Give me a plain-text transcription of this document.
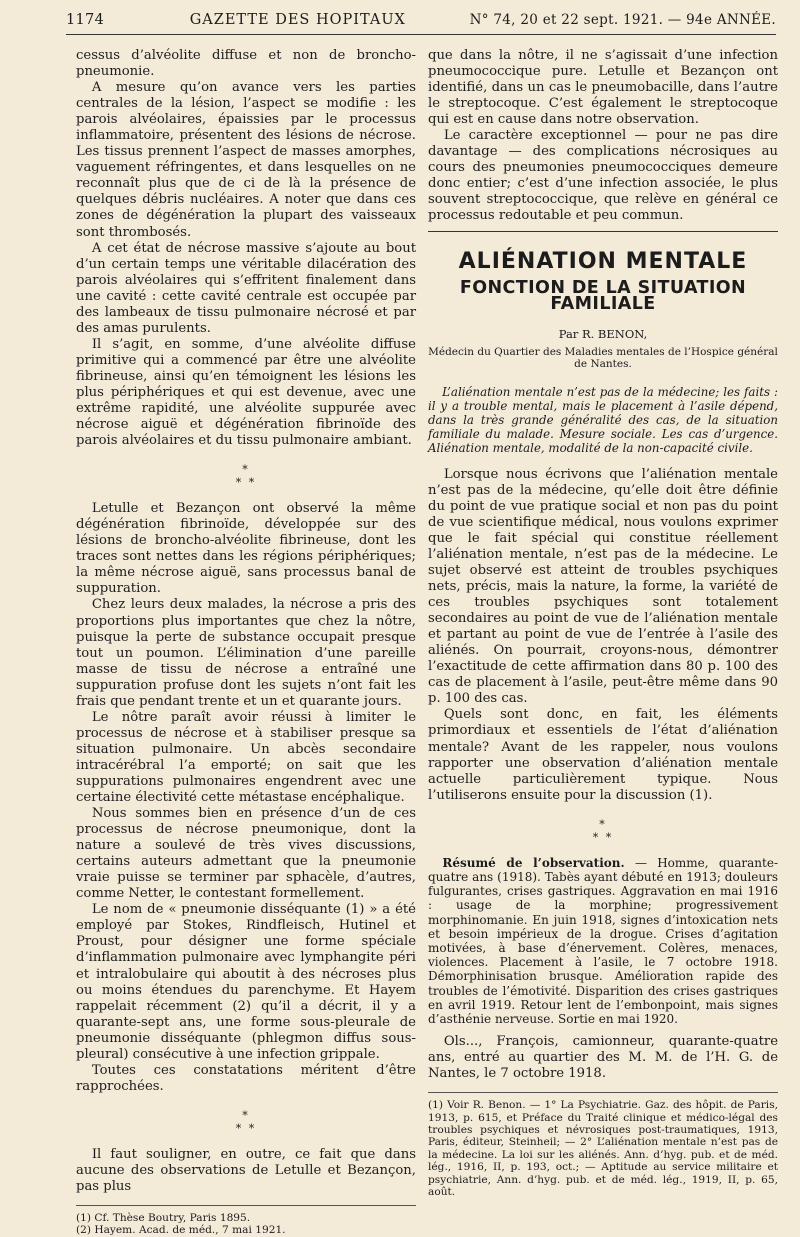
1174	GAZETTE DES HOPITAUX	N° 74, 20 et 22 sept. 1921. — 94e ANNÉE.

cessus d’alvéolite diffuse et non de broncho-pneumonie.

A mesure qu’on avance vers les parties centrales de la lésion, l’aspect se modifie : les parois alvéolaires, épaissies par le processus inflammatoire, présentent des lésions de nécrose. Les tissus prennent l’aspect de masses amorphes, vaguement réfringentes, et dans lesquelles on ne reconnaît plus que de ci de là la présence de quelques débris nucléaires. A noter que dans ces zones de dégénération la plupart des vaisseaux sont thrombosés.

A cet état de nécrose massive s’ajoute au bout d’un certain temps une véritable dilacération des parois alvéolaires qui s’effritent finalement dans une cavité : cette cavité centrale est occupée par des lambeaux de tissu pulmonaire nécrosé et par des amas purulents.

Il s’agit, en somme, d’une alvéolite diffuse primitive qui a commencé par être une alvéolite fibrineuse, ainsi qu’en témoignent les lésions les plus périphériques et qui est devenue, avec une extrême rapidité, une alvéolite suppurée avec nécrose aiguë et dégénération fibrinoïde des parois alvéolaires et du tissu pulmonaire ambiant.

*
* *

Letulle et Bezançon ont observé la même dégénération fibrinoïde, développée sur des lésions de broncho-alvéolite fibrineuse, dont les traces sont nettes dans les régions périphériques; la même nécrose aiguë, sans processus banal de suppuration.

Chez leurs deux malades, la nécrose a pris des proportions plus importantes que chez la nôtre, puisque la perte de substance occupait presque tout un poumon. L’élimination d’une pareille masse de tissu de nécrose a entraîné une suppuration profuse dont les sujets n’ont fait les frais que pendant trente et un et quarante jours.

Le nôtre paraît avoir réussi à limiter le processus de nécrose et à stabiliser presque sa situation pulmonaire. Un abcès secondaire intracérébral l’a emporté; on sait que les suppurations pulmonaires engendrent avec une certaine électivité cette métastase encéphalique.

Nous sommes bien en présence d’un de ces processus de nécrose pneumonique, dont la nature a soulevé de très vives discussions, certains auteurs admettant que la pneumonie vraie puisse se terminer par sphacèle, d’autres, comme Netter, le contestant formellement.

Le nom de « pneumonie disséquante (1) » a été employé par Stokes, Rindfleisch, Hutinel et Proust, pour désigner une forme spéciale d’inflammation pulmonaire avec lymphangite péri et intralobulaire qui aboutit à des nécroses plus ou moins étendues du parenchyme. Et Hayem rappelait récemment (2) qu’il a décrit, il y a quarante-sept ans, une forme sous-pleurale de pneumonie disséquante (phlegmon diffus sous-pleural) consécutive à une infection grippale.

Toutes ces constatations méritent d’être rapprochées.

*
* *

Il faut souligner, en outre, ce fait que dans aucune des observations de Letulle et Bezançon, pas plus

(1) Cf. Thèse Boutry, Paris 1895.

(2) Hayem. Acad. de méd., 7 mai 1921.

que dans la nôtre, il ne s’agissait d’une infection pneumococcique pure. Letulle et Bezançon ont identifié, dans un cas le pneumobacille, dans l’autre le streptocoque. C’est également le streptocoque qui est en cause dans notre observation.

Le caractère exceptionnel — pour ne pas dire davantage — des complications nécrosiques au cours des pneumonies pneumococciques demeure donc entier; c’est d’une infection associée, le plus souvent streptococcique, que relève en général ce processus redoutable et peu commun.

ALIÉNATION MENTALE
FONCTION DE LA SITUATION FAMILIALE
Par R. BENON,
Médecin du Quartier des Maladies mentales de l’Hospice général de Nantes.

L’aliénation mentale n’est pas de la médecine; les faits : il y a trouble mental, mais le placement à l’asile dépend, dans la très grande généralité des cas, de la situation familiale du malade. Mesure sociale. Les cas d’urgence. Aliénation mentale, modalité de la non-capacité civile.

Lorsque nous écrivons que l’aliénation mentale n’est pas de la médecine, qu’elle doit être définie du point de vue pratique social et non pas du point de vue scientifique médical, nous voulons exprimer que le fait spécial qui constitue réellement l’aliénation mentale, n’est pas de la médecine. Le sujet observé est atteint de troubles psychiques nets, précis, mais la nature, la forme, la variété de ces troubles psychiques sont totalement secondaires au point de vue de l’aliénation mentale et partant au point de vue de l’entrée à l’asile des aliénés. On pourrait, croyons-nous, démontrer l’exactitude de cette affirmation dans 80 p. 100 des cas de placement à l’asile, peut-être même dans 90 p. 100 des cas.

Quels sont donc, en fait, les éléments primordiaux et essentiels de l’état d’aliénation mentale? Avant de les rappeler, nous voulons rapporter une observation d’aliénation mentale actuelle particulièrement typique. Nous l’utiliserons ensuite pour la discussion (1).

*
* *

Résumé de l’observation. — Homme, quarante-quatre ans (1918). Tabès ayant débuté en 1913; douleurs fulgurantes, crises gastriques. Aggravation en mai 1916 : usage de la morphine; progressivement morphinomanie. En juin 1918, signes d’intoxication nets et besoin impérieux de la drogue. Crises d’agitation motivées, à base d’énervement. Colères, menaces, violences. Placement à l’asile, le 7 octobre 1918. Démorphinisation brusque. Amélioration rapide des troubles de l’émotivité. Disparition des crises gastriques en avril 1919. Retour lent de l’embonpoint, mais signes d’asthénie nerveuse. Sortie en mai 1920.

Ols..., François, camionneur, quarante-quatre ans, entré au quartier des M. M. de l’H. G. de Nantes, le 7 octobre 1918.

(1) Voir R. Benon. — 1° La Psychiatrie. Gaz. des hôpit. de Paris, 1913, p. 615, et Préface du Traité clinique et médico-légal des troubles psychiques et névrosiques post-traumatiques, 1913, Paris, éditeur, Steinheil; — 2° L’aliénation mentale n’est pas de la médecine. La loi sur les aliénés. Ann. d’hyg. pub. et de méd. lég., 1916, II, p. 193, oct.; — Aptitude au service militaire et psychiatrie, Ann. d’hyg. pub. et de méd. lég., 1919, II, p. 65, août.
